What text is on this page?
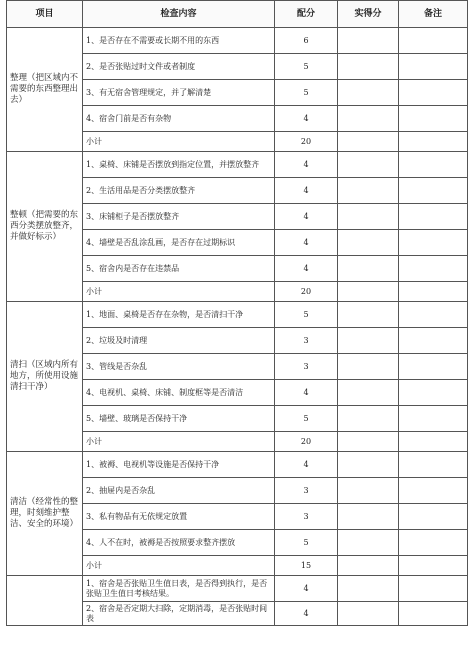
项目	检查内容	配分	实得分	备注
整理（把区域内不需要的东西整理出去）	1、是否存在不需要或长期不用的东西	6		
	2、是否张贴过时文件或者制度	5		
	3、有无宿舍管理规定，并了解清楚	5		
	4、宿舍门前是否有杂物	4		
	小计	20		
整顿（把需要的东西分类摆放整齐，并做好标示）	1、桌椅、床铺是否摆放到指定位置，并摆放整齐	4		
	2、生活用品是否分类摆放整齐	4		
	3、床铺柜子是否摆放整齐	4		
	4、墙壁是否乱涂乱画，是否存在过期标识	4		
	5、宿舍内是否存在违禁品	4		
	小计	20		
清扫（区域内所有地方，所使用设施清扫干净）	1、地面、桌椅是否存在杂物，是否清扫干净	5		
	2、垃圾及时清理	3		
	3、管线是否杂乱	3		
	4、电视机、桌椅、床铺、制度框等是否清洁	4		
	5、墙壁、玻璃是否保持干净	5		
	小计	20		
清洁（经常性的整理，时刻维护整洁、安全的环境）	1、被褥、电视机等设施是否保持干净	4		
	2、抽屉内是否杂乱	3		
	3、私有物品有无依规定放置	3		
	4、人不在时，被褥是否按照要求整齐摆放	5		
	小计	15		
	1、宿舍是否张贴卫生值日表，是否得到执行，是否张贴卫生值日考核结果。	4		
	2、宿舍是否定期大扫除，定期消毒，是否张贴时间表	4		
